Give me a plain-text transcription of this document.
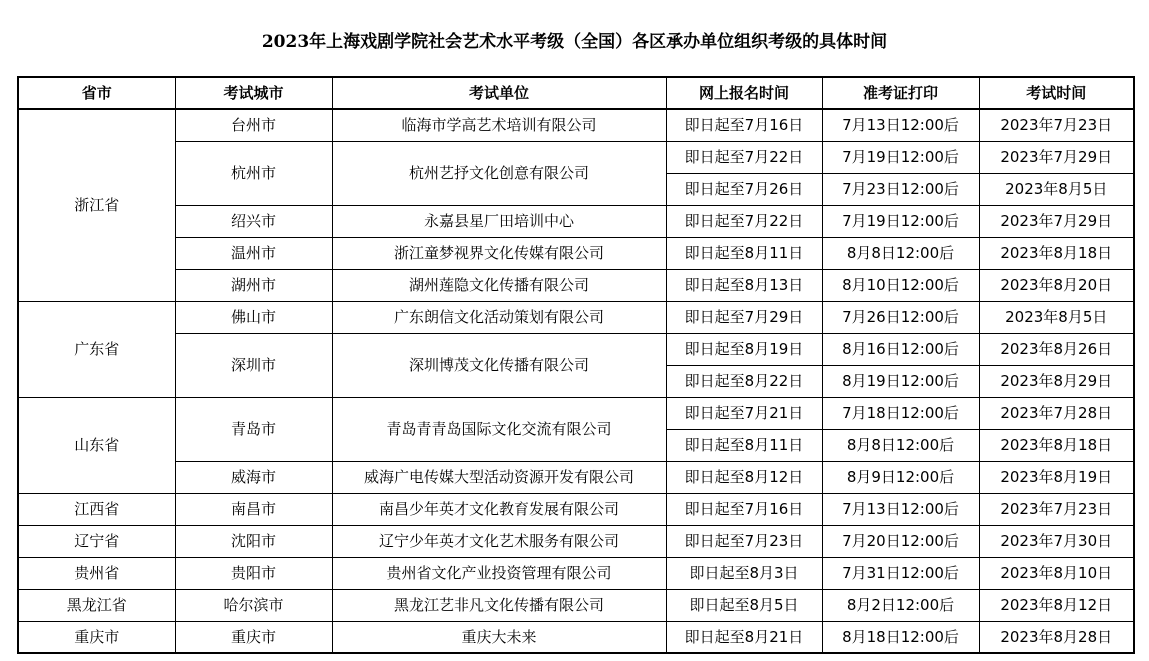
2023年上海戏剧学院社会艺术水平考级（全国）各区承办单位组织考级的具体时间
省市	考试城市	考试单位	网上报名时间	准考证打印	考试时间
浙江省	台州市	临海市学高艺术培训有限公司	即日起至7月16日	7月13日12:00后	2023年7月23日
	杭州市	杭州艺抒文化创意有限公司	即日起至7月22日	7月19日12:00后	2023年7月29日
			即日起至7月26日	7月23日12:00后	2023年8月5日
	绍兴市	永嘉县星厂田培训中心	即日起至7月22日	7月19日12:00后	2023年7月29日
	温州市	浙江童梦视界文化传媒有限公司	即日起至8月11日	8月8日12:00后	2023年8月18日
	湖州市	湖州莲隐文化传播有限公司	即日起至8月13日	8月10日12:00后	2023年8月20日
广东省	佛山市	广东朗信文化活动策划有限公司	即日起至7月29日	7月26日12:00后	2023年8月5日
	深圳市	深圳博茂文化传播有限公司	即日起至8月19日	8月16日12:00后	2023年8月26日
			即日起至8月22日	8月19日12:00后	2023年8月29日
山东省	青岛市	青岛青青岛国际文化交流有限公司	即日起至7月21日	7月18日12:00后	2023年7月28日
			即日起至8月11日	8月8日12:00后	2023年8月18日
	威海市	威海广电传媒大型活动资源开发有限公司	即日起至8月12日	8月9日12:00后	2023年8月19日
江西省	南昌市	南昌少年英才文化教育发展有限公司	即日起至7月16日	7月13日12:00后	2023年7月23日
辽宁省	沈阳市	辽宁少年英才文化艺术服务有限公司	即日起至7月23日	7月20日12:00后	2023年7月30日
贵州省	贵阳市	贵州省文化产业投资管理有限公司	即日起至8月3日	7月31日12:00后	2023年8月10日
黑龙江省	哈尔滨市	黑龙江艺非凡文化传播有限公司	即日起至8月5日	8月2日12:00后	2023年8月12日
重庆市	重庆市	重庆大未来	即日起至8月21日	8月18日12:00后	2023年8月28日
